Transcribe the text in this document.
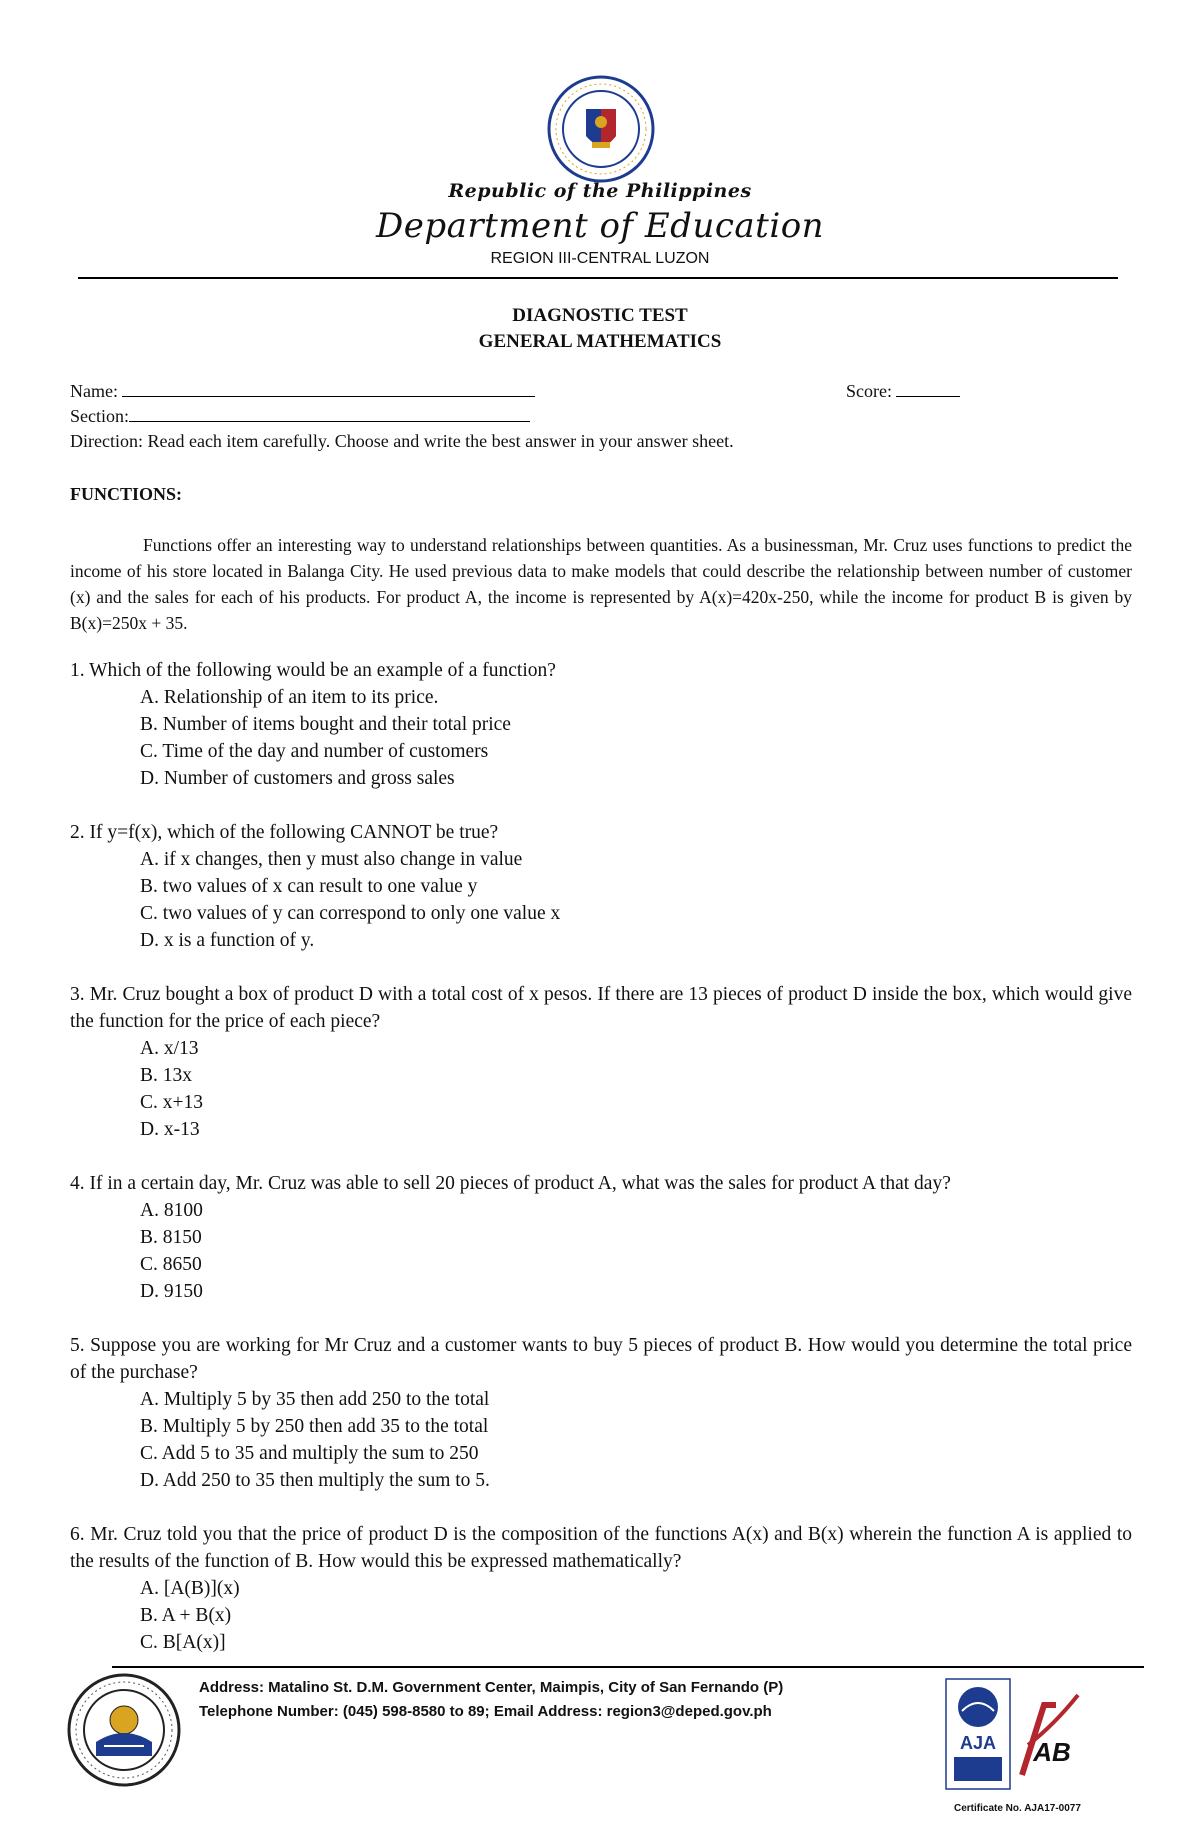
Republic of the Philippines
Department of Education
REGION III-CENTRAL LUZON
DIAGNOSTIC TEST
GENERAL MATHEMATICS
Name:	Score:
Section:
Direction: Read each item carefully. Choose and write the best answer in your answer sheet.
FUNCTIONS:

Functions offer an interesting way to understand relationships between quantities. As a businessman, Mr. Cruz uses functions to predict the income of his store located in Balanga City. He used previous data to make models that could describe the relationship between number of customer (x) and the sales for each of his products. For product A, the income is represented by A(x)=420x-250, while the income for product B is given by B(x)=250x + 35.

1. Which of the following would be an example of a function?

A. Relationship of an item to its price.

B. Number of items bought and their total price

C. Time of the day and number of customers

D. Number of customers and gross sales

2. If y=f(x), which of the following CANNOT be true?

A. if x changes, then y must also change in value

B. two values of x can result to one value y

C. two values of y can correspond to only one value x

D. x is a function of y.

3. Mr. Cruz bought a box of product D with a total cost of x pesos. If there are 13 pieces of product D inside the box, which would give the function for the price of each piece?

A. x/13

B. 13x

C. x+13

D. x-13

4. If in a certain day, Mr. Cruz was able to sell 20 pieces of product A, what was the sales for product A that day?

A. 8100

B. 8150

C. 8650

D. 9150

5. Suppose you are working for Mr Cruz and a customer wants to buy 5 pieces of product B. How would you determine the total price of the purchase?

A. Multiply 5 by 35 then add 250 to the total

B. Multiply 5 by 250 then add 35 to the total

C. Add 5 to 35 and multiply the sum to 250

D. Add 250 to 35 then multiply the sum to 5.

6. Mr. Cruz told you that the price of product D is the composition of the functions A(x) and B(x) wherein the function A is applied to the results of the function of B. How would this be expressed mathematically?

A. [A(B)](x)

B. A + B(x)

C. B[A(x)]

Address: Matalino St. D.M. Government Center, Maimpis, City of San Fernando (P)
Telephone Number: (045) 598-8580 to 89; Email Address: region3@deped.gov.ph
AJA AB
Certificate No. AJA17-0077
